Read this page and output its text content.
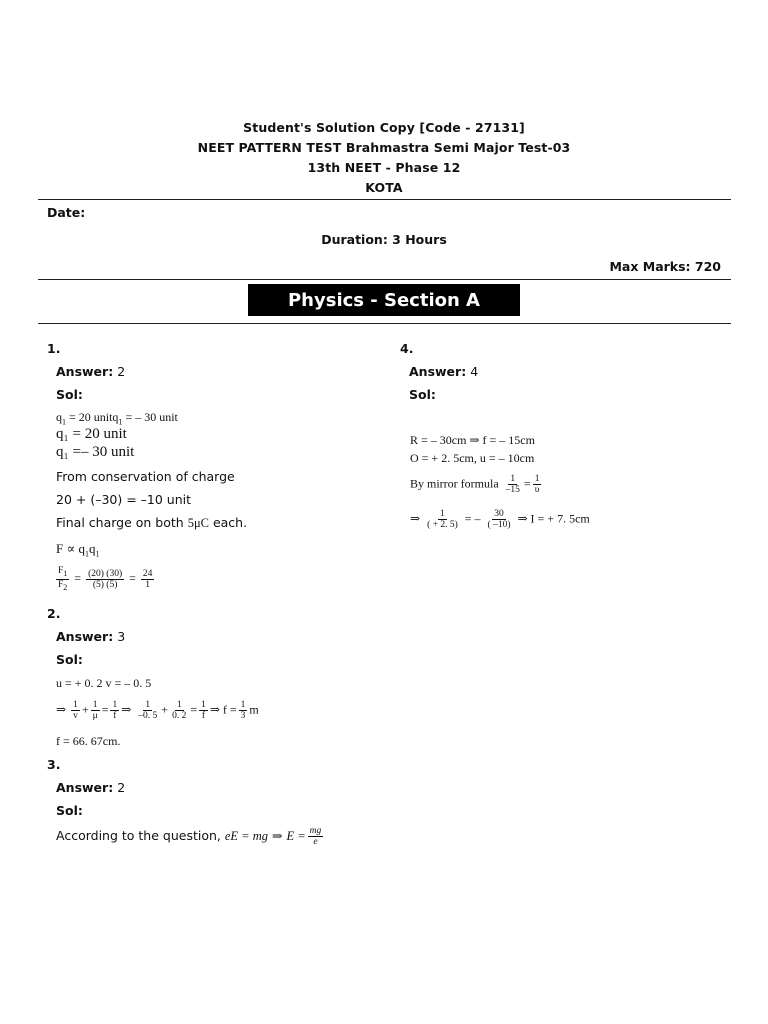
Student's Solution Copy [Code - 27131]
NEET PATTERN TEST Brahmastra Semi Major Test-03
13th NEET - Phase 12
KOTA
Date:
Duration: 3 Hours
Max Marks: 720
Physics - Section A
1.
Answer: 2
Sol:
$q_1 = 20$ unitq$_1$ = – 30 unit
q₁ = 20 unit
q₁ =– 30 unit
From conservation of charge
20 + (–30) = –10 unit
Final charge on both 5μC each.
$F \propto q_1q_1$
$\frac{F_1}{F_2} = \frac{(20) (30)}{(5) (5)} = \frac{24}{1}$
2.
Answer: 3
Sol:
u = + 0. 2 v = – 0. 5
⇒ $\frac{1}{v} + \frac{1}{\mu} = \frac{1}{f}$ ⇒ $\frac{1}{-0. 5} + \frac{1}{0. 2} = \frac{1}{f}$ ⇒ $f = \frac{1}{3}$ m
f = 66. 67cm.
3.
Answer: 2
Sol:
According to the question, eE = mg ⇒ $E = \frac{mg}{e}$
4.
Answer: 4
Sol:
R = – 30cm ⇒ f = – 15cm
O = + 2. 5cm, u = – 10cm
By mirror formula $\frac{1}{-15} = \frac{1}{\upsilon}$
⇒ $\frac{1}{( + 2. 5)}$ = – $\frac{30}{( -10)}$ ⇒ I = + 7. 5cm
